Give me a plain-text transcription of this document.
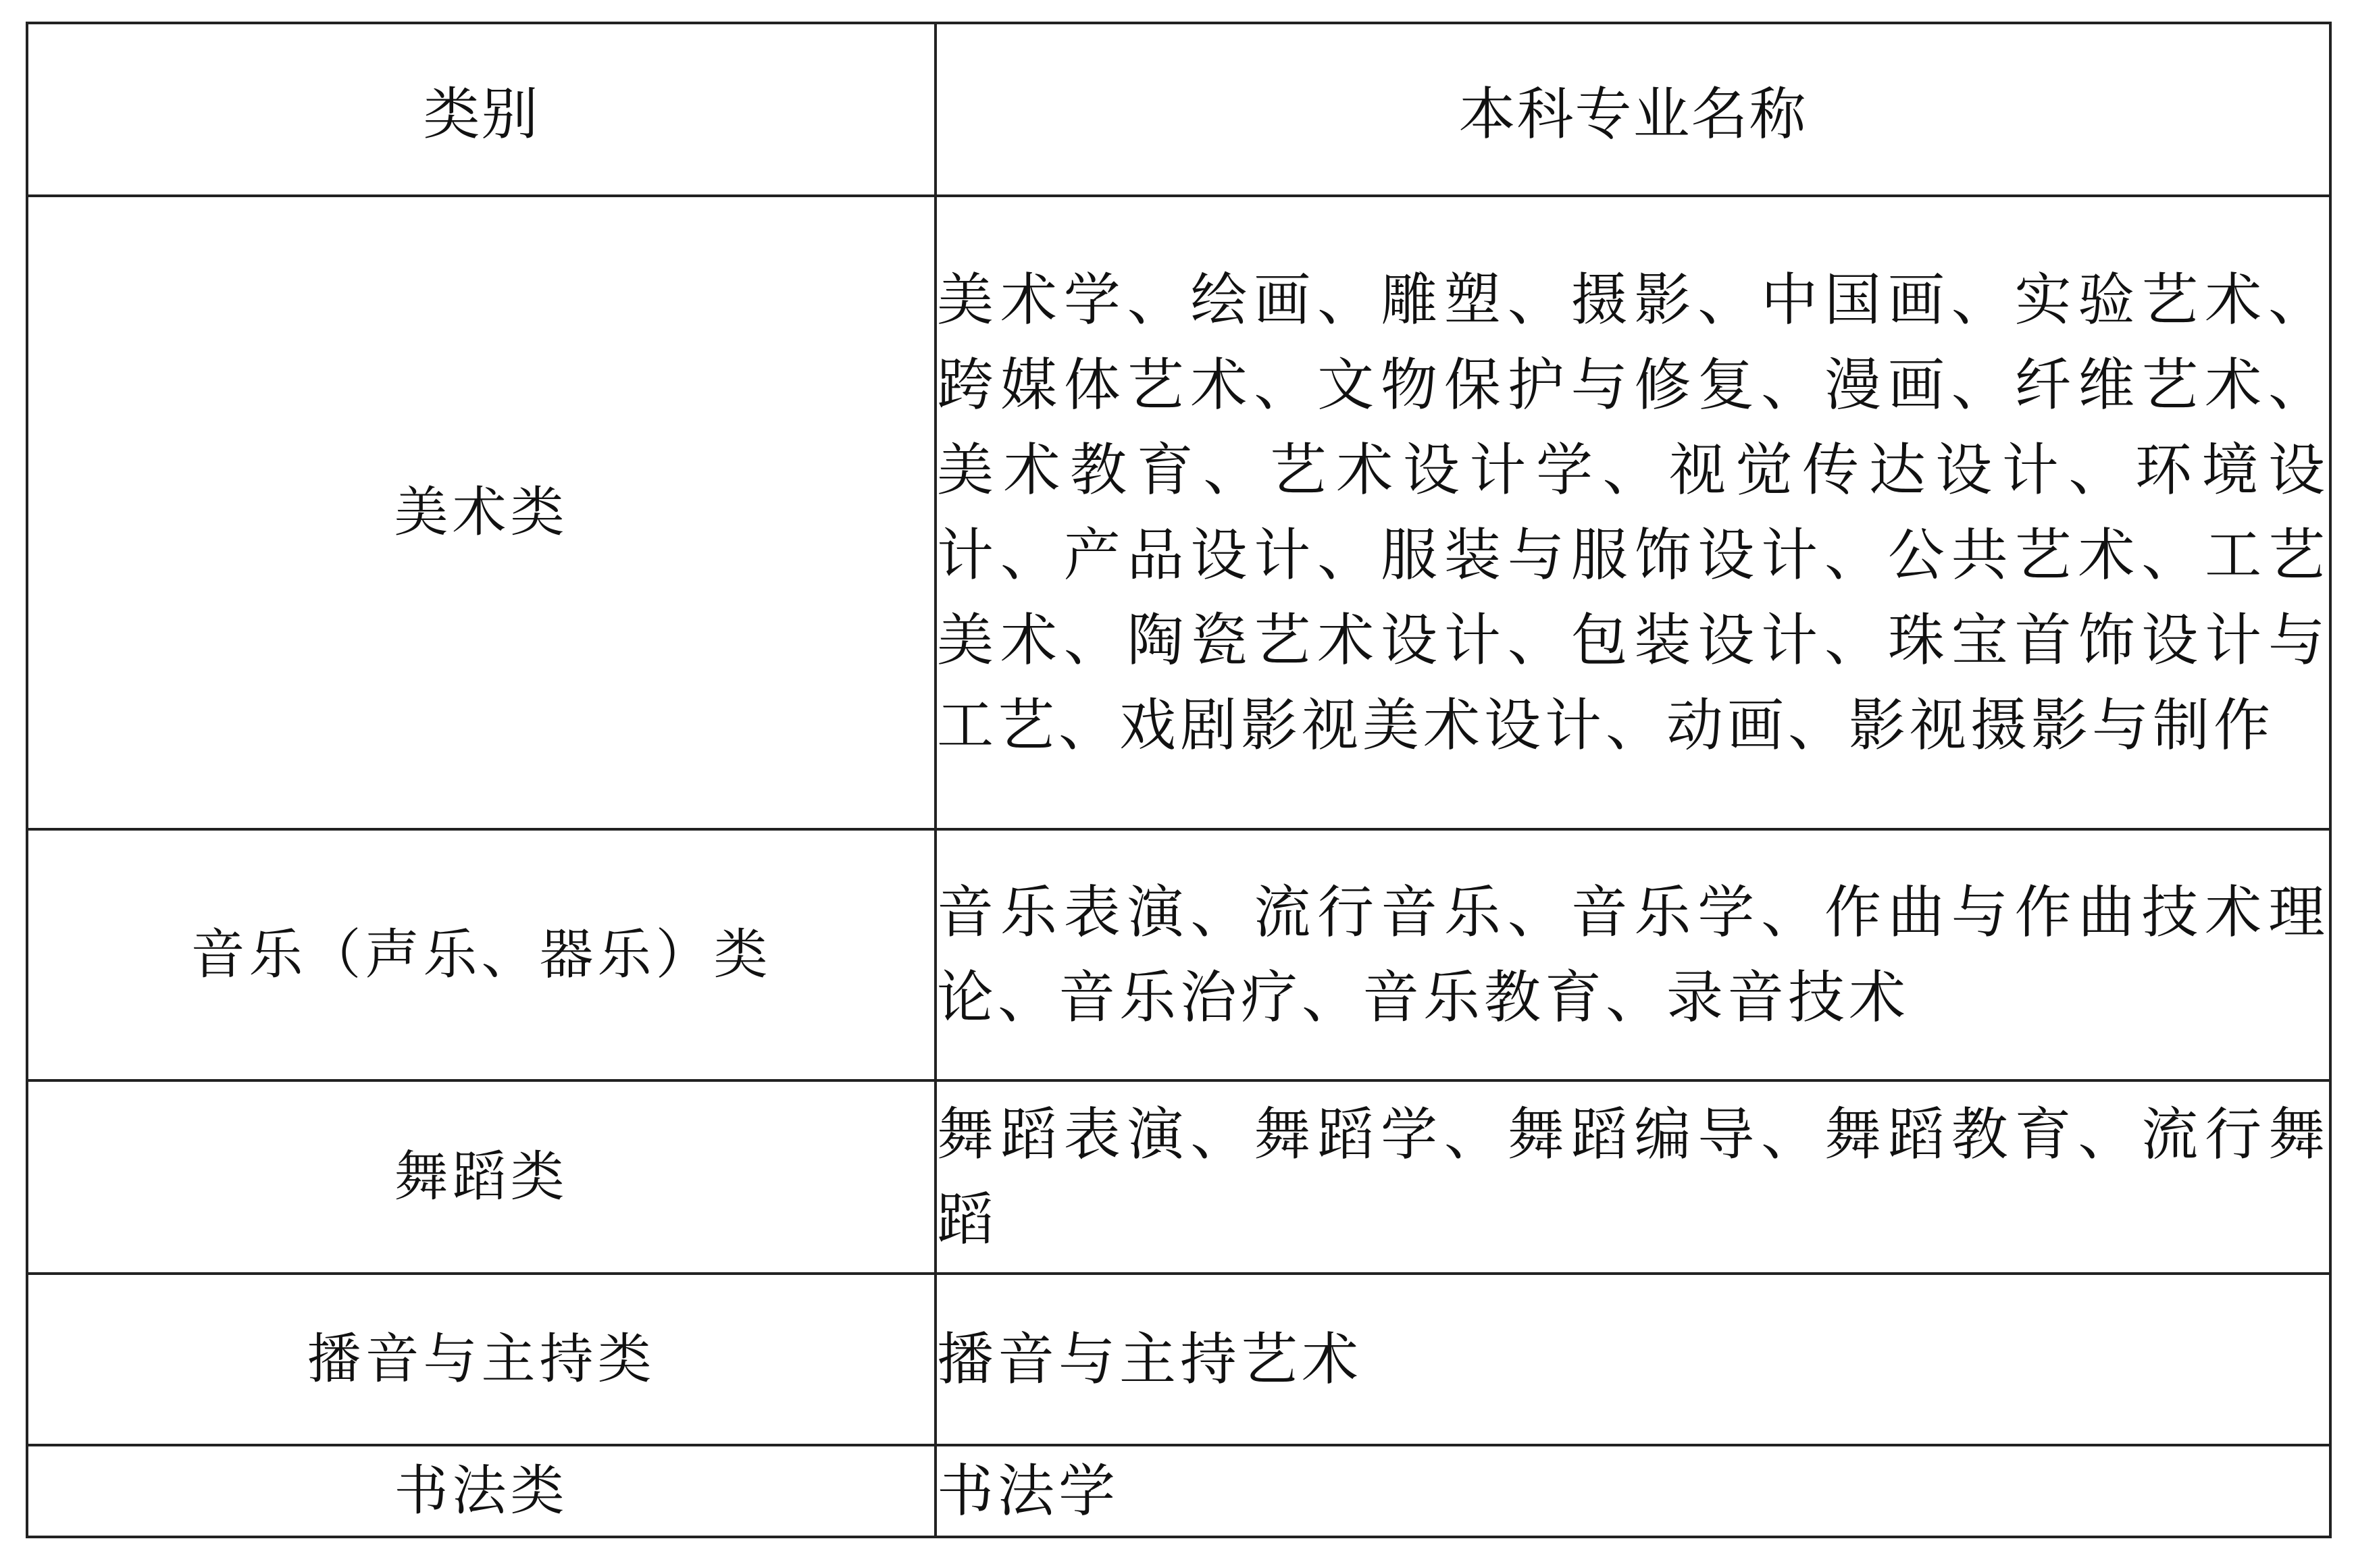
类别	本科专业名称
美术类	美术学、绘画、雕塑、摄影、中国画、实验艺术、跨媒体艺术、文物保护与修复、漫画、纤维艺术、美术教育、艺术设计学、视觉传达设计、环境设计、产品设计、服装与服饰设计、公共艺术、工艺美术、陶瓷艺术设计、包装设计、珠宝首饰设计与工艺、戏剧影视美术设计、动画、影视摄影与制作
音乐（声乐、器乐）类	音乐表演、流行音乐、音乐学、作曲与作曲技术理论、音乐治疗、音乐教育、录音技术
舞蹈类	舞蹈表演、舞蹈学、舞蹈编导、舞蹈教育、流行舞蹈
播音与主持类	播音与主持艺术
书法类	书法学
